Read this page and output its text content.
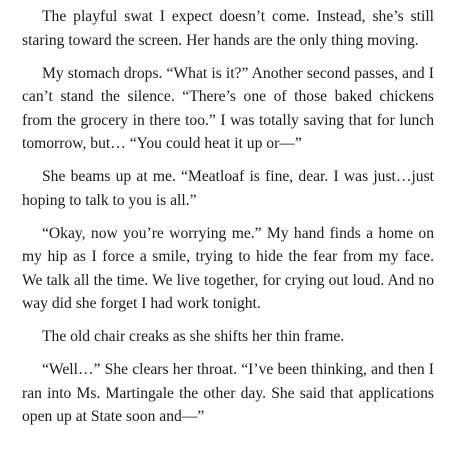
The playful swat I expect doesn’t come. Instead, she’s still staring toward the screen. Her hands are the only thing moving.

My stomach drops. “What is it?” Another second passes, and I can’t stand the silence. “There’s one of those baked chickens from the grocery in there too.” I was totally saving that for lunch tomorrow, but… “You could heat it up or—”

She beams up at me. “Meatloaf is fine, dear. I was just…just hoping to talk to you is all.”

“Okay, now you’re worrying me.” My hand finds a home on my hip as I force a smile, trying to hide the fear from my face. We talk all the time. We live together, for crying out loud. And no way did she forget I had work tonight.

The old chair creaks as she shifts her thin frame.

“Well…” She clears her throat. “I’ve been thinking, and then I ran into Ms. Martingale the other day. She said that applications open up at State soon and—”
